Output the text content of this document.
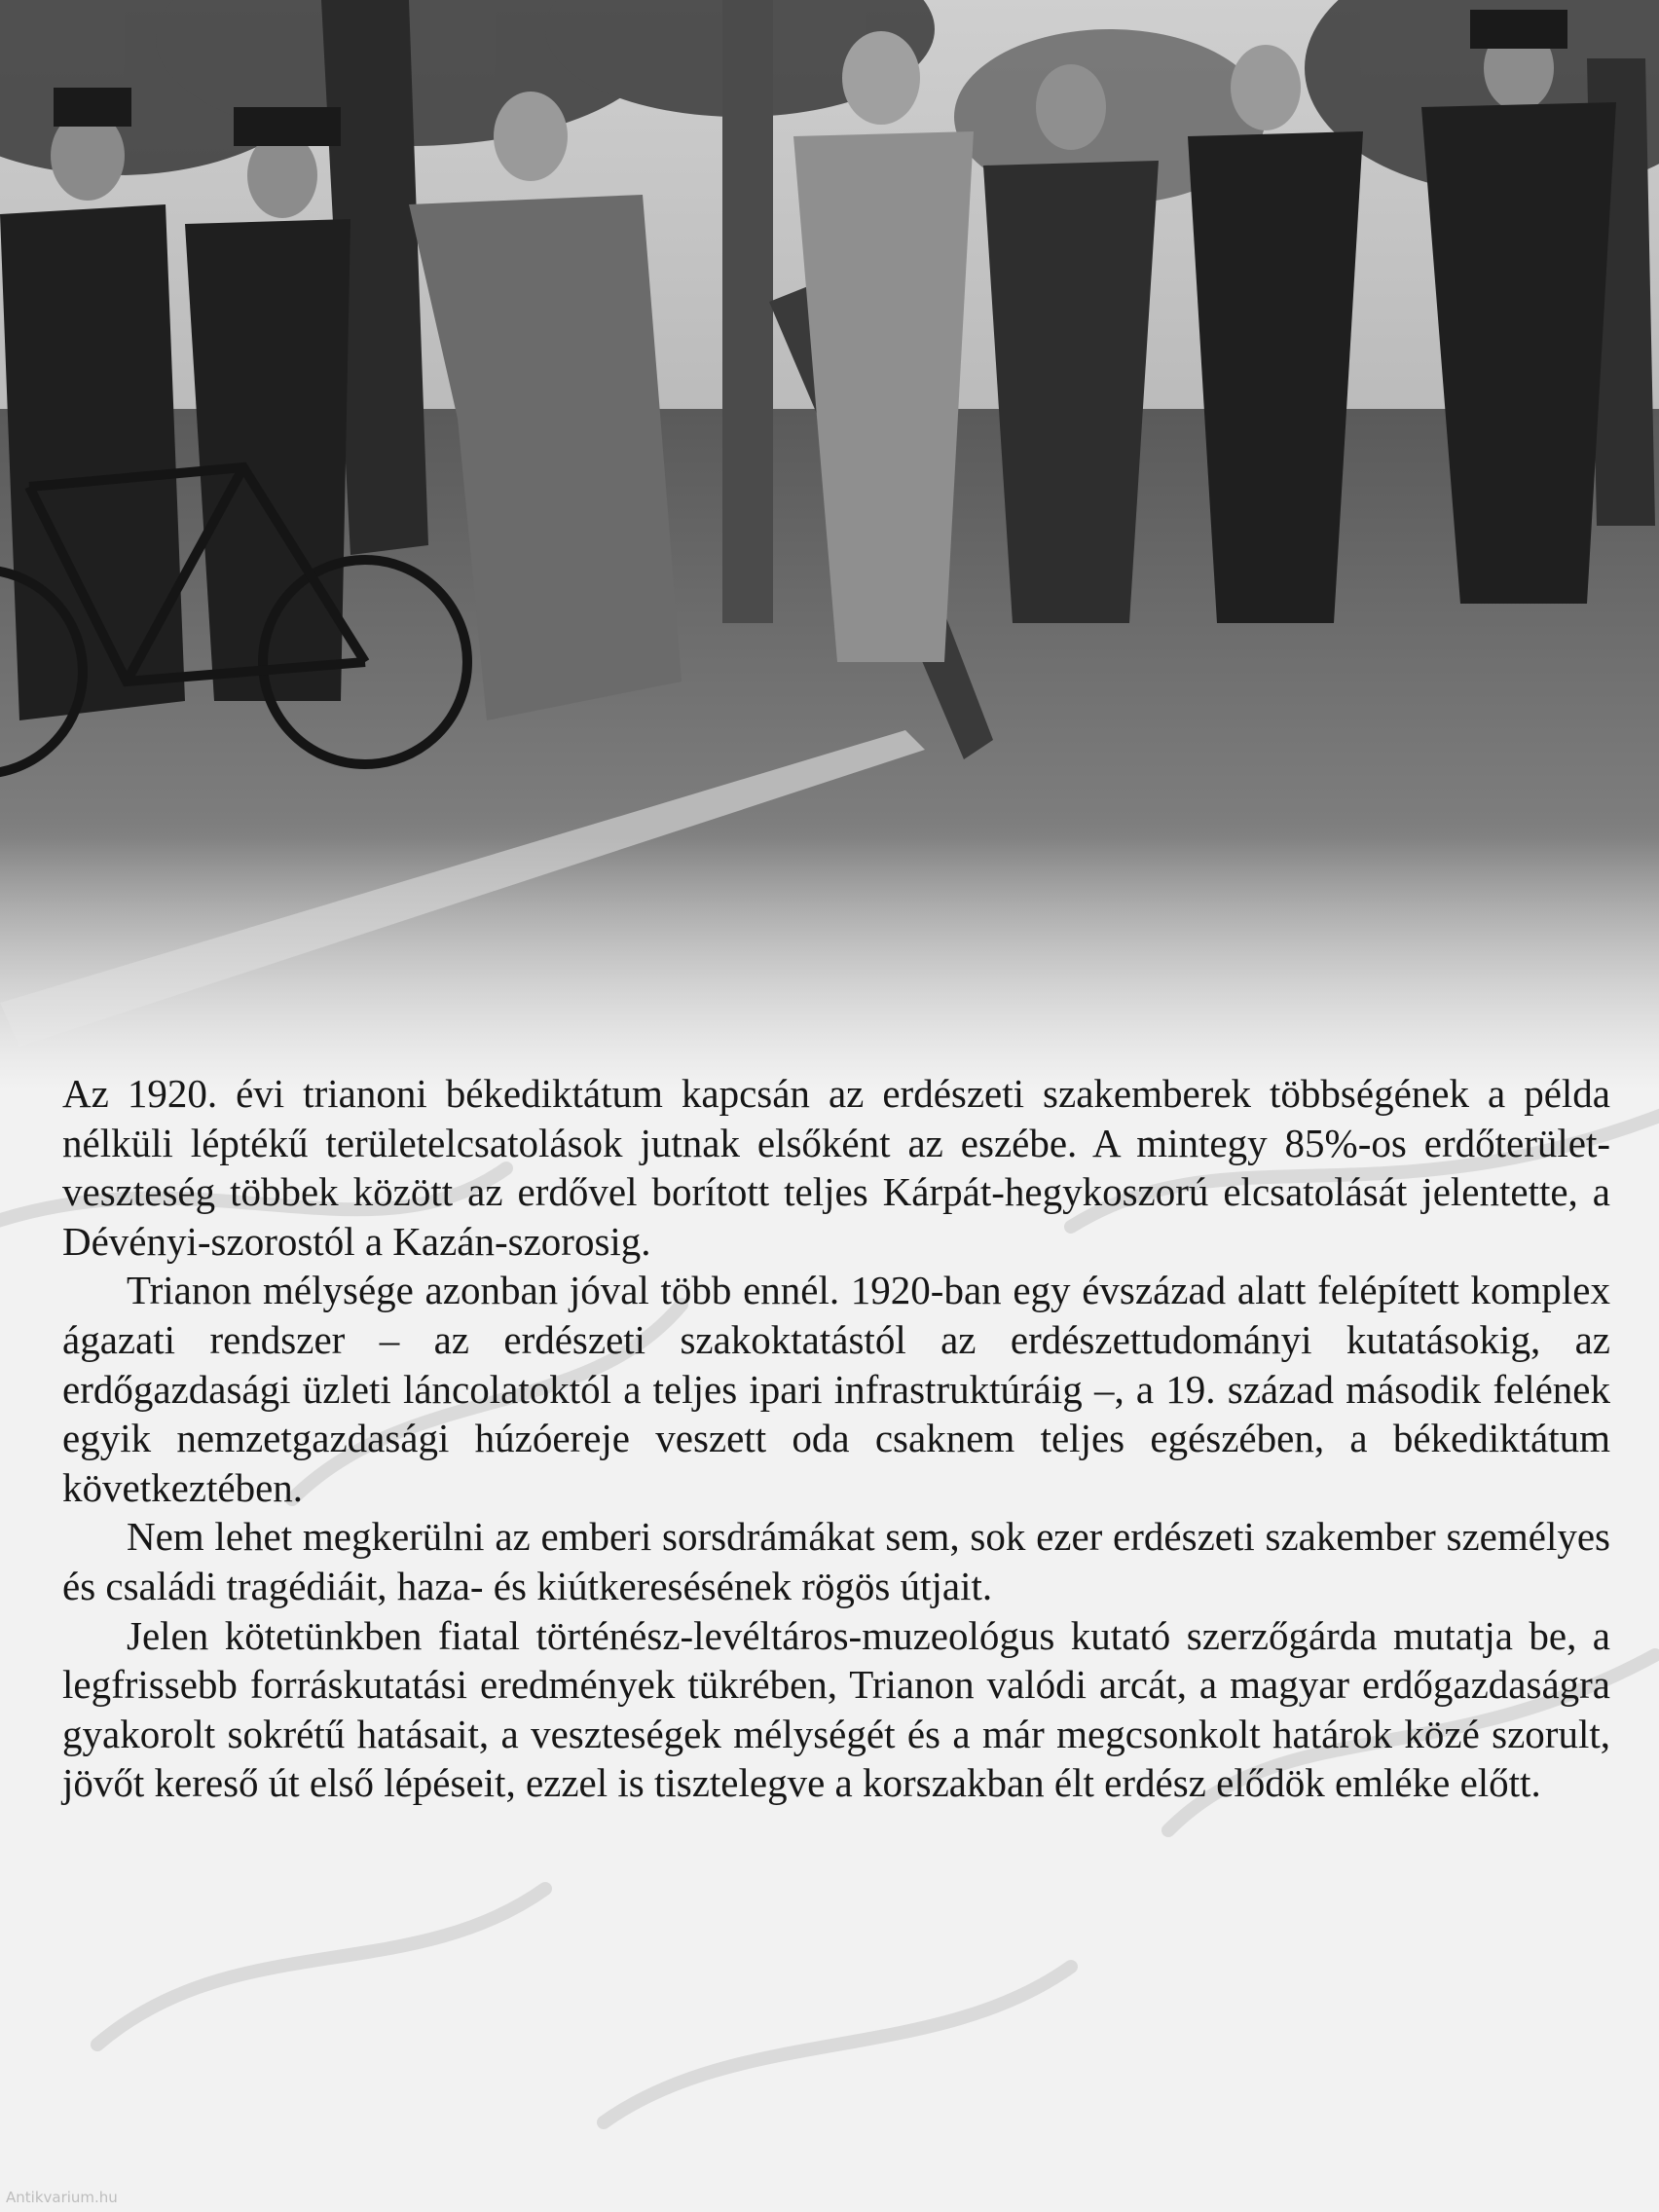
Az 1920. évi trianoni békediktátum kapcsán az erdészeti szakemberek többségének a példa nélküli léptékű területelcsatolások jutnak elsőként az eszébe. A mintegy 85%-os erdőterület-veszteség többek között az erdővel borított teljes Kárpát-hegykoszorú elcsatolását jelentette, a Dévényi-szorostól a Kazán-szorosig.

Trianon mélysége azonban jóval több ennél. 1920-ban egy évszázad alatt felépített komplex ágazati rendszer – az erdészeti szakoktatástól az erdészettudományi kutatásokig, az erdőgazdasági üzleti láncolatoktól a teljes ipari infrastruktúráig –, a 19. század második felének egyik nemzetgazdasági húzóereje veszett oda csaknem teljes egészében, a békediktátum következtében.

Nem lehet megkerülni az emberi sorsdrámákat sem, sok ezer erdészeti szakember személyes és családi tragédiáit, haza- és kiútkeresésének rögös útjait.

Jelen kötetünkben fiatal történész-levéltáros-muzeológus kutató szerzőgárda mutatja be, a legfrissebb forráskutatási eredmények tükrében, Trianon valódi arcát, a magyar erdőgazdaságra gyakorolt sokrétű hatásait, a veszteségek mélységét és a már megcsonkolt határok közé szorult, jövőt kereső út első lépéseit, ezzel is tisztelegve a korszakban élt erdész elődök emléke előtt.

Antikvarium.hu
